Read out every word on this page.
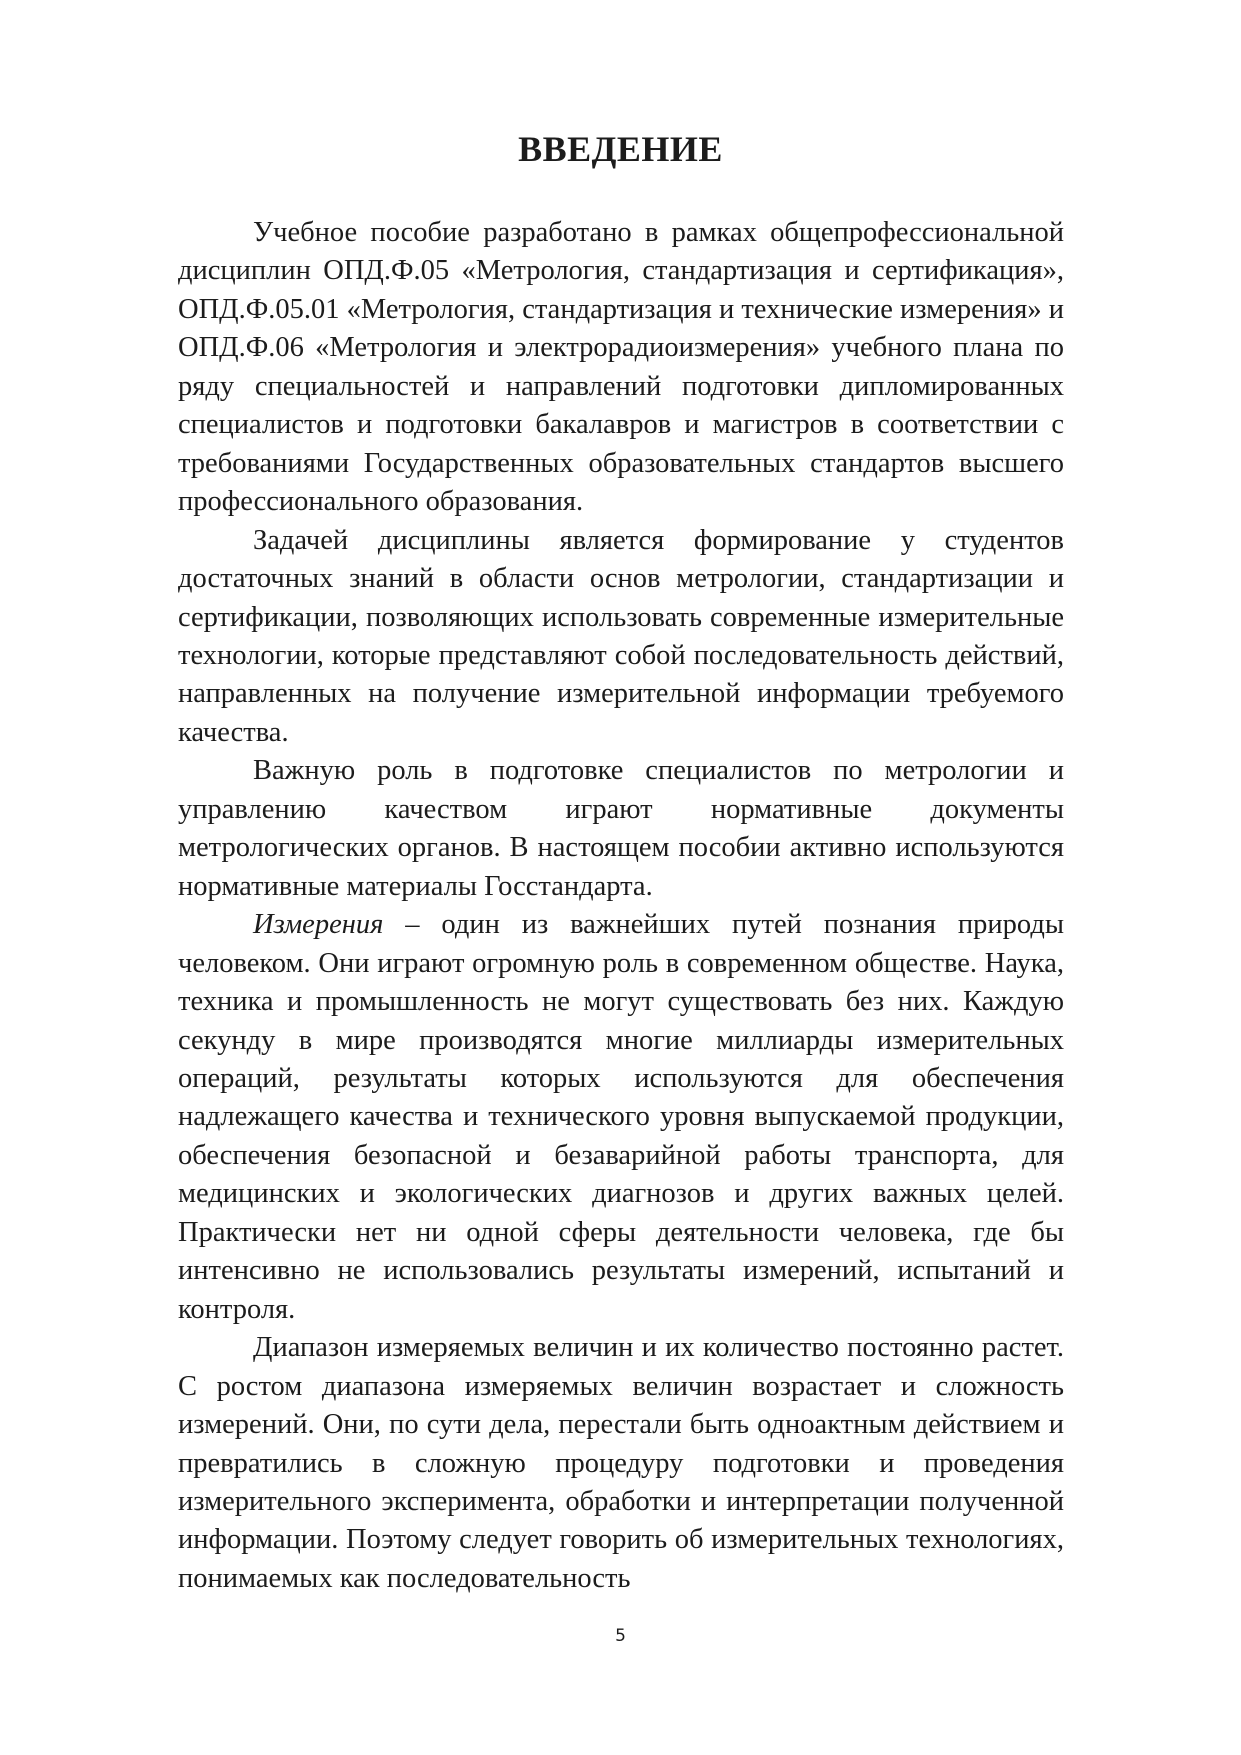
ВВЕДЕНИЕ

Учебное пособие разработано в рамках общепрофессиональной дисциплин ОПД.Ф.05 «Метрология, стандартизация и сертификация», ОПД.Ф.05.01 «Метрология, стандартизация и технические измерения» и ОПД.Ф.06 «Метрология и электрорадиоизмерения» учебного плана по ряду специальностей и направлений подготовки дипломированных специалистов и подготовки бакалавров и магистров в соответствии с требованиями Государственных образовательных стандартов высшего профессионального образования.

Задачей дисциплины является формирование у студентов достаточных знаний в области основ метрологии, стандартизации и сертификации, позволяющих использовать современные измерительные технологии, которые представляют собой последовательность действий, направленных на получение измерительной информации требуемого качества.

Важную роль в подготовке специалистов по метрологии и управлению качеством играют нормативные документы метрологических органов. В настоящем пособии активно используются нормативные материалы Госстандарта.

Измерения – один из важнейших путей познания природы человеком. Они играют огромную роль в современном обществе. Наука, техника и промышленность не могут существовать без них. Каждую секунду в мире производятся многие миллиарды измерительных операций, результаты которых используются для обеспечения надлежащего качества и технического уровня выпускаемой продукции, обеспечения безопасной и безаварийной работы транспорта, для медицинских и экологических диагнозов и других важных целей. Практически нет ни одной сферы деятельности человека, где бы интенсивно не использовались результаты измерений, испытаний и контроля.

Диапазон измеряемых величин и их количество постоянно растет. С ростом диапазона измеряемых величин возрастает и сложность измерений. Они, по сути дела, перестали быть одноактным действием и превратились в сложную процедуру подготовки и проведения измерительного эксперимента, обработки и интерпретации полученной информации. Поэтому следует говорить об измерительных технологиях, понимаемых как последовательность

5
